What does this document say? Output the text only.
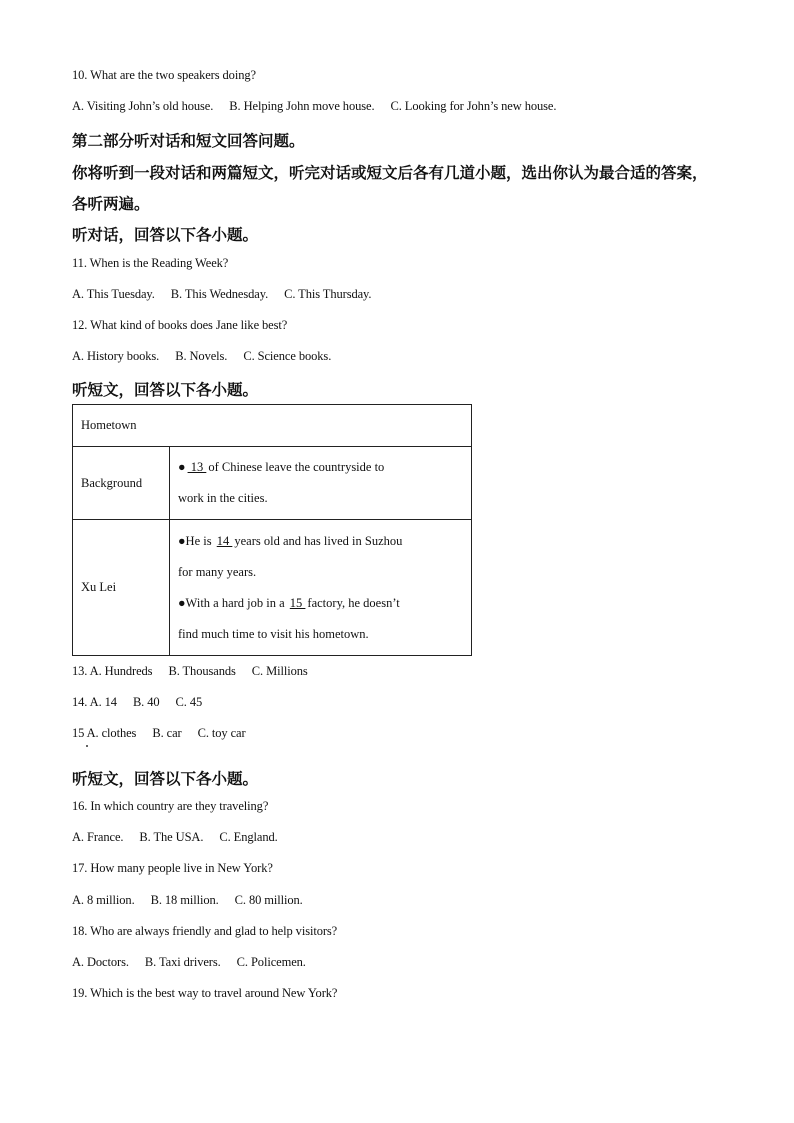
10. What are the two speakers doing?
A. Visiting John’s old house. B. Helping John move house. C. Looking for John’s new house.
第二部分听对话和短文回答问题。
你将听到一段对话和两篇短文，听完对话或短文后各有几道小题，选出你认为最合适的答案，
各听两遍。
听对话，回答以下各小题。
11. When is the Reading Week?
A. This Tuesday. B. This Wednesday. C. This Thursday.
12. What kind of books does Jane like best?
A. History books. B. Novels. C. Science books.
听短文，回答以下各小题。
Hometown	
Background	● 13 of Chinese leave the countryside to
work in the cities.

Xu Lei	●He is 14 years old and has lived in Suzhou
for many years.
●With a hard job in a 15 factory, he doesn’t
find much time to visit his hometown.
13. A. Hundreds B. Thousands C. Millions
14. A. 14 B. 40 C. 45
15 A. clothes B. car C. toy car
听短文，回答以下各小题。
16. In which country are they traveling?
A. France. B. The USA. C. England.
17. How many people live in New York?
A. 8 million. B. 18 million. C. 80 million.
18. Who are always friendly and glad to help visitors?
A. Doctors. B. Taxi drivers. C. Policemen.
19. Which is the best way to travel around New York?
